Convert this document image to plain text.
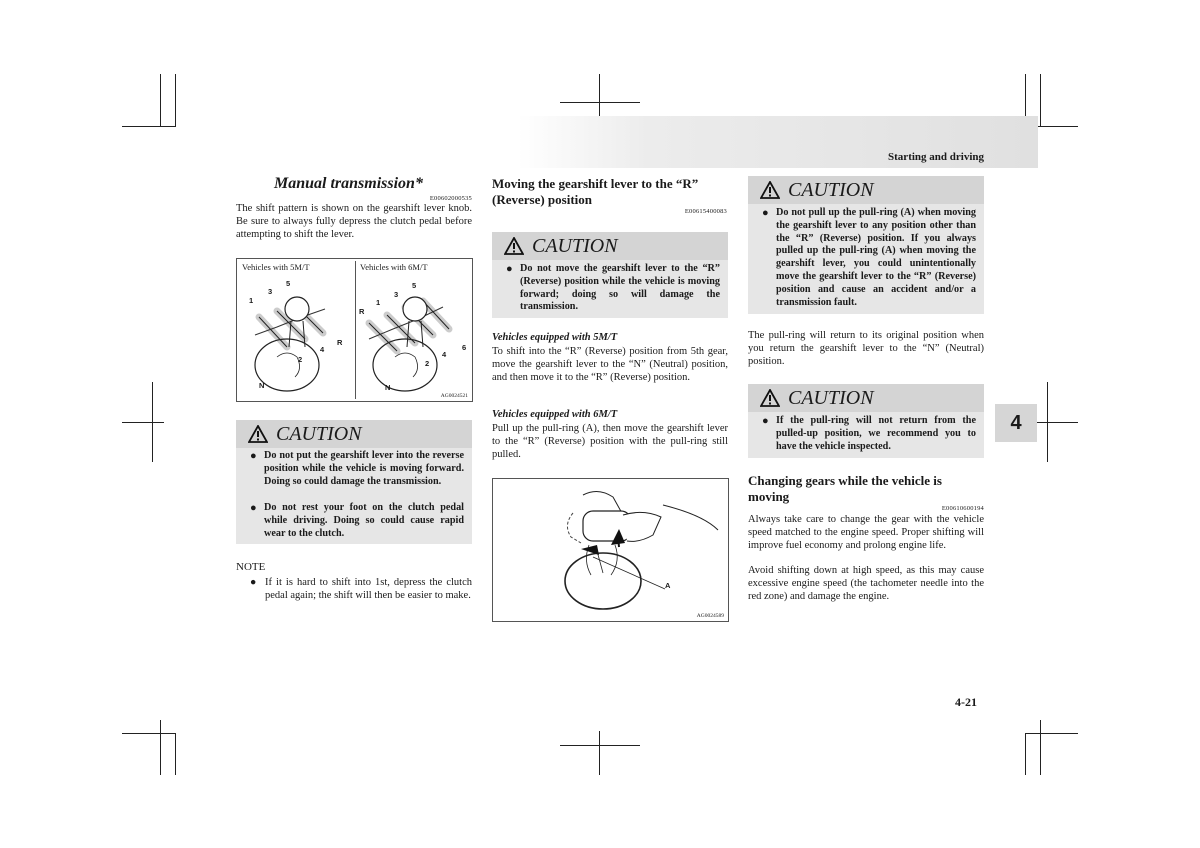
Starting and driving
4
4-21
Manual transmission*
E00602000535
The shift pattern is shown on the gearshift lever knob. Be sure to always fully depress the clutch pedal before attempting to shift the lever.
Vehicles with 5M/T	Vehicles with 6M/T
1
3
5
2
4
R
N
1
3
5
R
2
4
6
N
AG0024521
CAUTION
● Do not put the gearshift lever into the reverse position while the vehicle is moving forward. Doing so could damage the transmission.
● Do not rest your foot on the clutch pedal while driving. Doing so could cause rapid wear to the clutch.
NOTE
● If it is hard to shift into 1st, depress the clutch pedal again; the shift will then be easier to make.
Moving the gearshift lever to the “R” (Reverse) position
E00615400083
CAUTION
● Do not move the gearshift lever to the “R” (Reverse) position while the vehicle is moving forward; doing so will damage the transmission.
Vehicles equipped with 5M/T
To shift into the “R” (Reverse) position from 5th gear, move the gearshift lever to the “N” (Neutral) position, and then move it to the “R” (Reverse) position.
Vehicles equipped with 6M/T
Pull up the pull-ring (A), then move the gearshift lever to the “R” (Reverse) position with the pull-ring still pulled.
A
AG0024589
CAUTION
● Do not pull up the pull-ring (A) when moving the gearshift lever to any position other than the “R” (Reverse) position. If you always pulled up the pull-ring (A) when moving the gearshift lever, you could unintentionally move the gearshift lever to the “R” (Reverse) position and cause an accident and/or a transmission fault.
The pull-ring will return to its original position when you return the gearshift lever to the “N” (Neutral) position.
CAUTION
● If the pull-ring will not return from the pulled-up position, we recommend you to have the vehicle inspected.
Changing gears while the vehicle is moving
E00610600194
Always take care to change the gear with the vehicle speed matched to the engine speed. Proper shifting will improve fuel economy and prolong engine life.
Avoid shifting down at high speed, as this may cause excessive engine speed (the tachometer needle into the red zone) and damage the engine.
